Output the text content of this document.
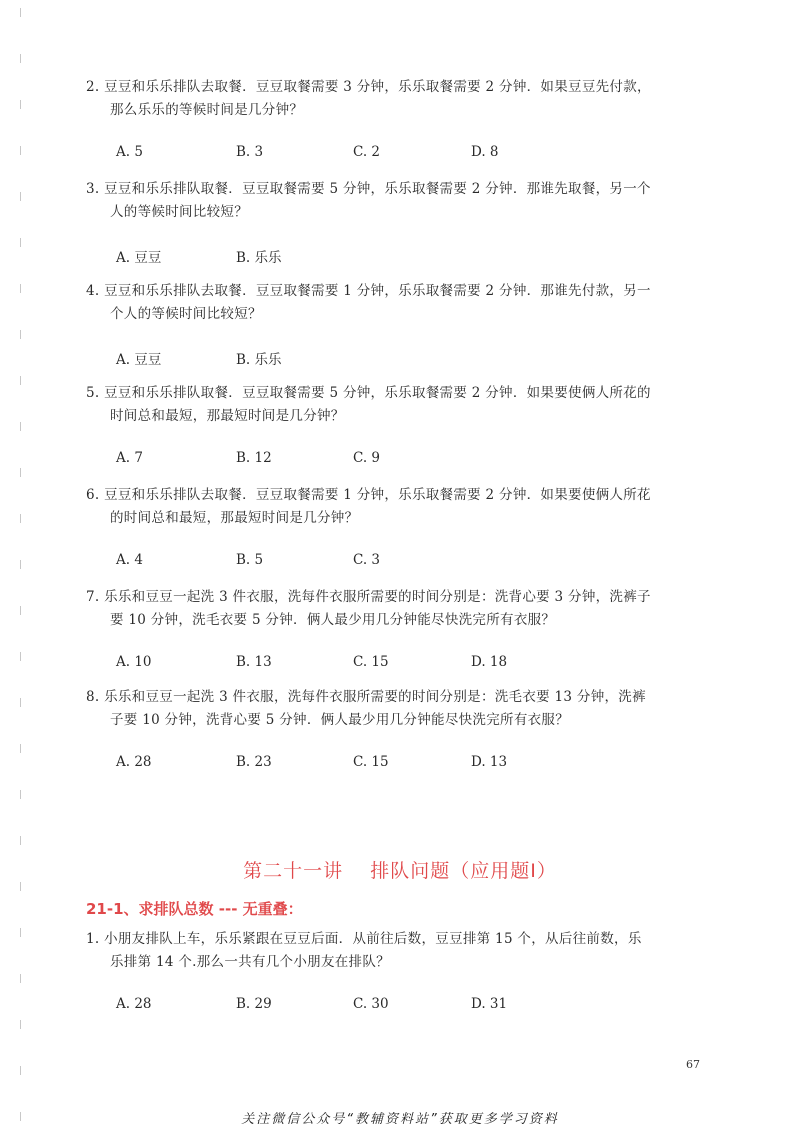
2. 豆豆和乐乐排队去取餐．豆豆取餐需要 3 分钟，乐乐取餐需要 2 分钟．如果豆豆先付款，
那么乐乐的等候时间是几分钟？
A. 5	B. 3	C. 2	D. 8
3. 豆豆和乐乐排队取餐．豆豆取餐需要 5 分钟，乐乐取餐需要 2 分钟．那谁先取餐，另一个
人的等候时间比较短？
A. 豆豆	B. 乐乐
4. 豆豆和乐乐排队去取餐．豆豆取餐需要 1 分钟，乐乐取餐需要 2 分钟．那谁先付款，另一
个人的等候时间比较短？
A. 豆豆	B. 乐乐
5. 豆豆和乐乐排队取餐．豆豆取餐需要 5 分钟，乐乐取餐需要 2 分钟．如果要使俩人所花的
时间总和最短，那最短时间是几分钟？
A. 7	B. 12	C. 9
6. 豆豆和乐乐排队去取餐．豆豆取餐需要 1 分钟，乐乐取餐需要 2 分钟．如果要使俩人所花
的时间总和最短，那最短时间是几分钟？
A. 4	B. 5	C. 3
7. 乐乐和豆豆一起洗 3 件衣服，洗每件衣服所需要的时间分别是：洗背心要 3 分钟，洗裤子
要 10 分钟，洗毛衣要 5 分钟．俩人最少用几分钟能尽快洗完所有衣服？
A. 10	B. 13	C. 15	D. 18
8. 乐乐和豆豆一起洗 3 件衣服，洗每件衣服所需要的时间分别是：洗毛衣要 13 分钟，洗裤
子要 10 分钟，洗背心要 5 分钟．俩人最少用几分钟能尽快洗完所有衣服？
A. 28	B. 23	C. 15	D. 13
第二十一讲　 排队问题（应用题Ⅰ）
21-1、求排队总数 --- 无重叠：
1. 小朋友排队上车，乐乐紧跟在豆豆后面．从前往后数，豆豆排第 15 个，从后往前数，乐
乐排第 14 个.那么一共有几个小朋友在排队？
A. 28	B. 29	C. 30	D. 31
67
关注微信公众号“教辅资料站”获取更多学习资料
